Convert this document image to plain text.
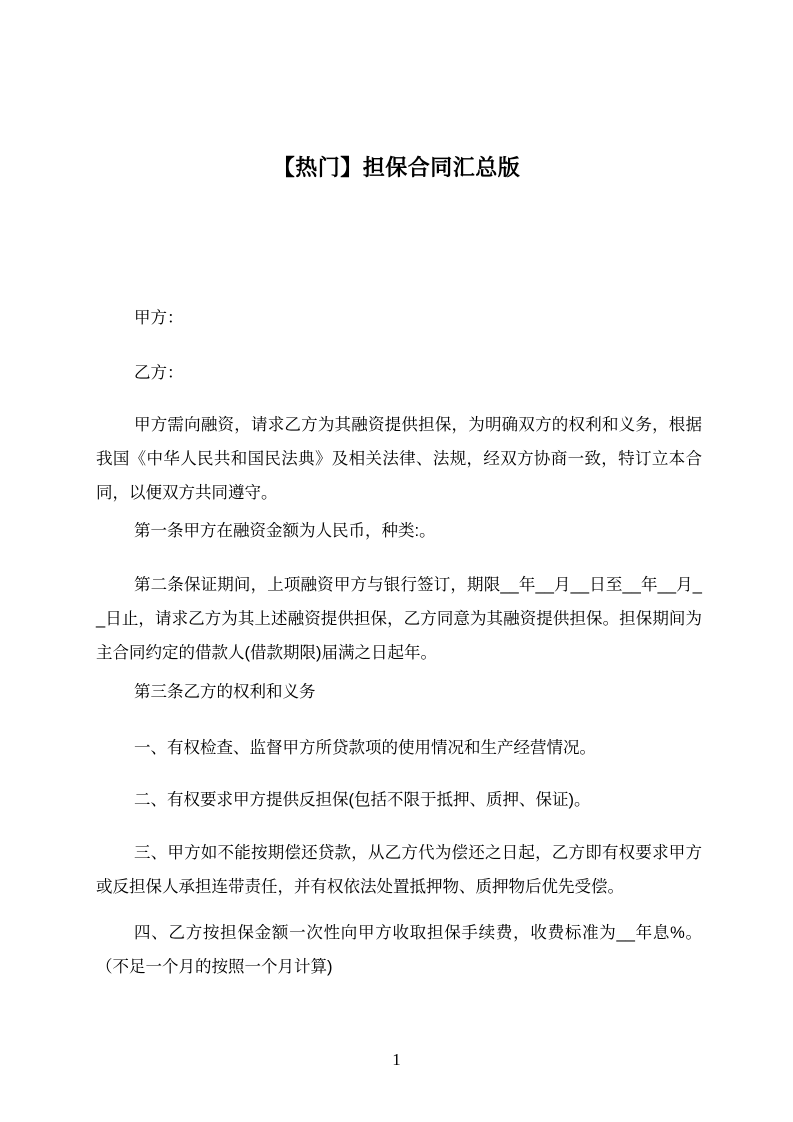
【热门】担保合同汇总版

甲方：

乙方：

甲方需向融资，请求乙方为其融资提供担保，为明确双方的权利和义务，根据我国《中华人民共和国民法典》及相关法律、法规，经双方协商一致，特订立本合同，以便双方共同遵守。

第一条甲方在融资金额为人民币，种类:。

第二条保证期间，上项融资甲方与银行签订，期限__年__月__日至__年__月__日止，请求乙方为其上述融资提供担保，乙方同意为其融资提供担保。担保期间为主合同约定的借款人(借款期限)届满之日起年。

第三条乙方的权利和义务

一、有权检查、监督甲方所贷款项的使用情况和生产经营情况。

二、有权要求甲方提供反担保(包括不限于抵押、质押、保证)。

三、甲方如不能按期偿还贷款，从乙方代为偿还之日起，乙方即有权要求甲方或反担保人承担连带责任，并有权依法处置抵押物、质押物后优先受偿。

四、乙方按担保金额一次性向甲方收取担保手续费，收费标准为__年息%。（不足一个月的按照一个月计算)

1
